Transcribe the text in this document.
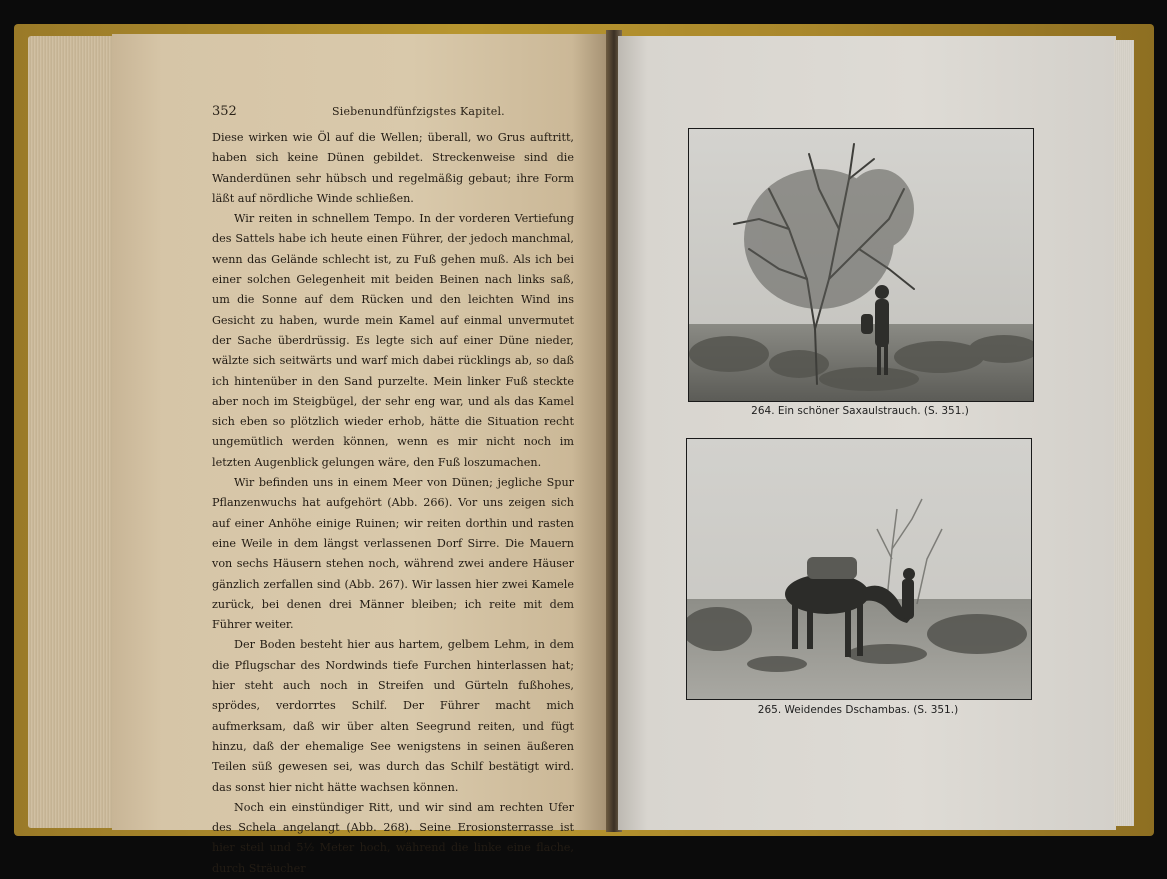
352	Siebenundfünfzigstes Kapitel.

Diese wirken wie Öl auf die Wellen; überall, wo Grus auftritt, haben sich keine Dünen gebildet. Streckenweise sind die Wanderdünen sehr hübsch und regelmäßig gebaut; ihre Form läßt auf nördliche Winde schließen.

Wir reiten in schnellem Tempo. In der vorderen Vertiefung des Sattels habe ich heute einen Führer, der jedoch manchmal, wenn das Gelände schlecht ist, zu Fuß gehen muß. Als ich bei einer solchen Gelegenheit mit beiden Beinen nach links saß, um die Sonne auf dem Rücken und den leichten Wind ins Gesicht zu haben, wurde mein Kamel auf einmal unvermutet der Sache überdrüssig. Es legte sich auf einer Düne nieder, wälzte sich seitwärts und warf mich dabei rücklings ab, so daß ich hintenüber in den Sand purzelte. Mein linker Fuß steckte aber noch im Steigbügel, der sehr eng war, und als das Kamel sich eben so plötzlich wieder erhob, hätte die Situation recht ungemütlich werden können, wenn es mir nicht noch im letzten Augenblick gelungen wäre, den Fuß loszumachen.

Wir befinden uns in einem Meer von Dünen; jegliche Spur Pflanzenwuchs hat aufgehört (Abb. 266). Vor uns zeigen sich auf einer Anhöhe einige Ruinen; wir reiten dorthin und rasten eine Weile in dem längst verlassenen Dorf Sirre. Die Mauern von sechs Häusern stehen noch, während zwei andere Häuser gänzlich zerfallen sind (Abb. 267). Wir lassen hier zwei Kamele zurück, bei denen drei Männer bleiben; ich reite mit dem Führer weiter.

Der Boden besteht hier aus hartem, gelbem Lehm, in dem die Pflugschar des Nordwinds tiefe Furchen hinterlassen hat; hier steht auch noch in Streifen und Gürteln fußhohes, sprödes, verdorrtes Schilf. Der Führer macht mich aufmerksam, daß wir über alten Seegrund reiten, und fügt hinzu, daß der ehemalige See wenigstens in seinen äußeren Teilen süß gewesen sei, was durch das Schilf bestätigt wird. das sonst hier nicht hätte wachsen können.

Noch ein einstündiger Ritt, und wir sind am rechten Ufer des Schela angelangt (Abb. 268). Seine Erosionsterrasse ist hier steil und 5½ Meter hoch, während die linke eine flache, durch Sträucher

264. Ein schöner Saxaulstrauch. (S. 351.)
265. Weidendes Dschambas. (S. 351.)
